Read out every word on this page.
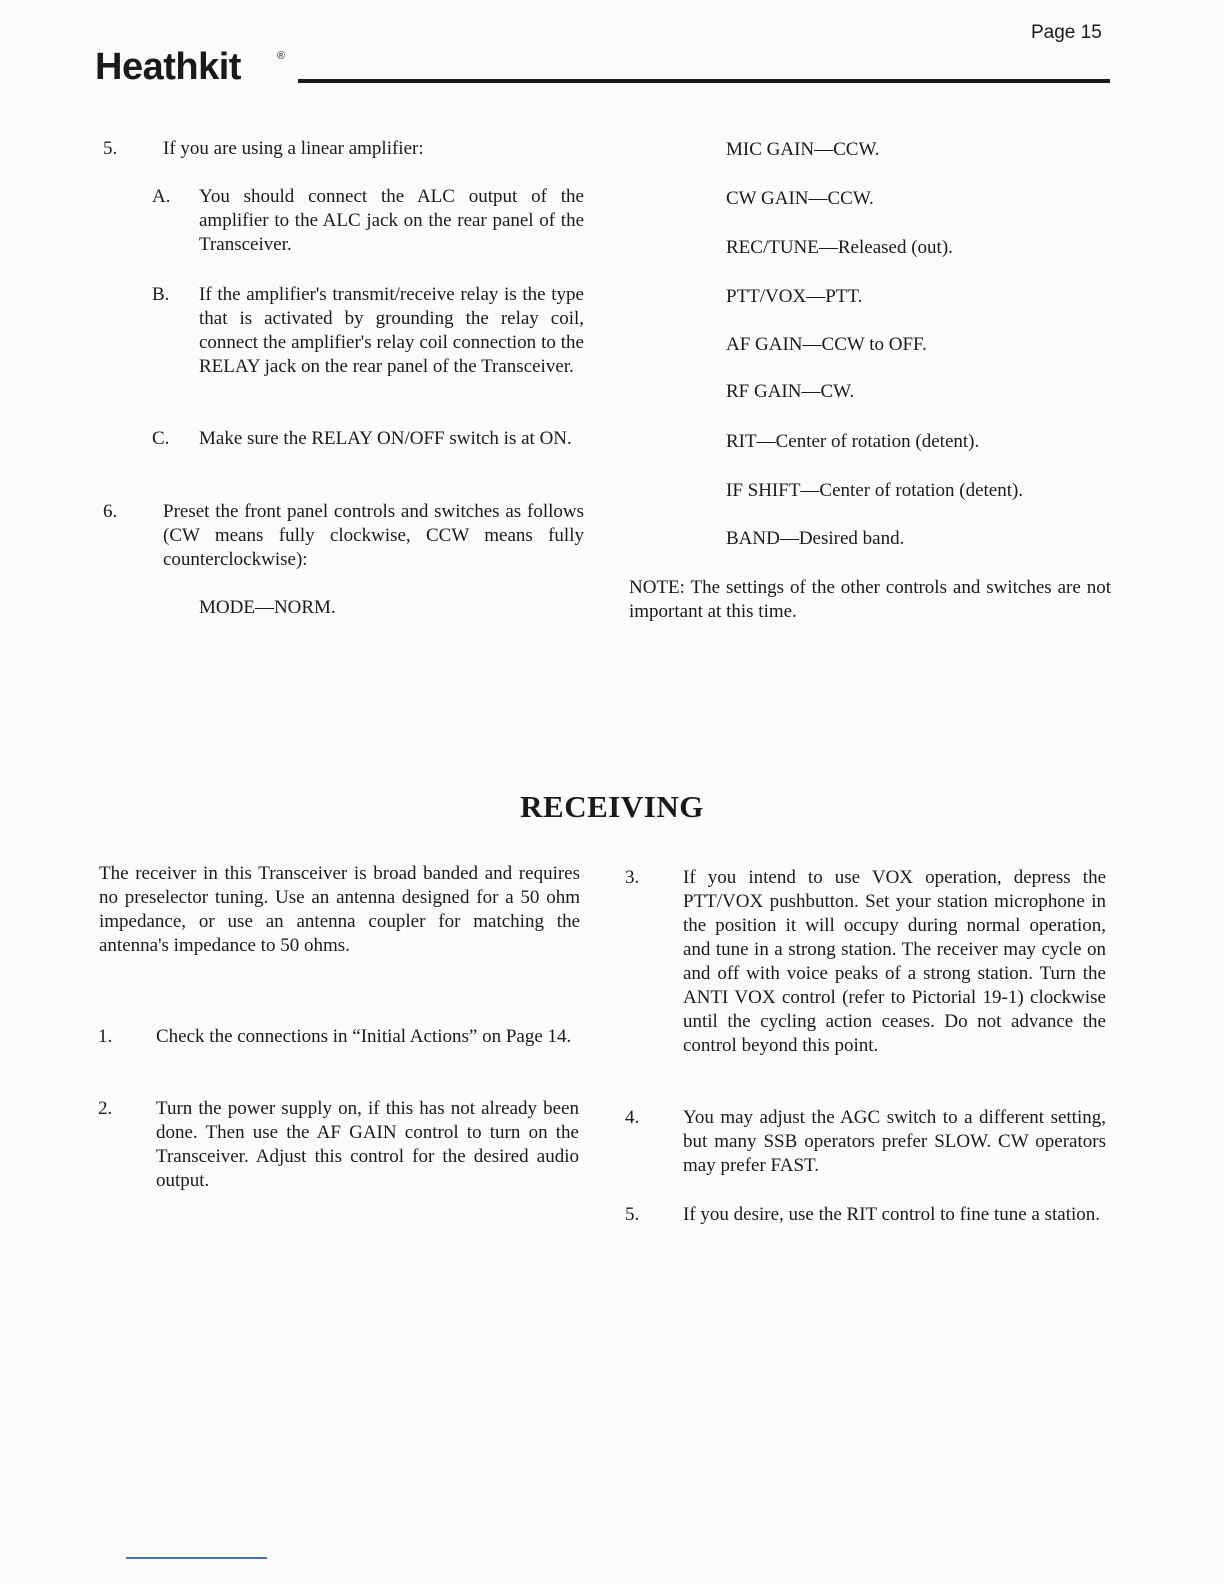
Page 15
Heathkit	®
5. If you are using a linear amplifier:
A. You should connect the ALC output of the amplifier to the ALC jack on the rear panel of the Transceiver.
B. If the amplifier's transmit/receive relay is the type that is activated by grounding the relay coil, connect the amplifier's relay coil connection to the RELAY jack on the rear panel of the Transceiver.
C. Make sure the RELAY ON/OFF switch is at ON.
6. Preset the front panel controls and switches as follows (CW means fully clockwise, CCW means fully counterclockwise):
MODE—NORM.
MIC GAIN—CCW.
CW GAIN—CCW.
REC/TUNE—Released (out).
PTT/VOX—PTT.
AF GAIN—CCW to OFF.
RF GAIN—CW.
RIT—Center of rotation (detent).
IF SHIFT—Center of rotation (detent).
BAND—Desired band.
NOTE: The settings of the other controls and switches are not important at this time.
RECEIVING
The receiver in this Transceiver is broad banded and requires no preselector tuning. Use an antenna designed for a 50 ohm impedance, or use an antenna coupler for matching the antenna's impedance to 50 ohms.
1. Check the connections in “Initial Actions” on Page 14.
2. Turn the power supply on, if this has not already been done. Then use the AF GAIN control to turn on the Transceiver. Adjust this control for the desired audio output.
3. If you intend to use VOX operation, depress the PTT/VOX pushbutton. Set your station microphone in the position it will occupy during normal operation, and tune in a strong station. The receiver may cycle on and off with voice peaks of a strong station. Turn the ANTI VOX control (refer to Pictorial 19-1) clockwise until the cycling action ceases. Do not advance the control beyond this point.
4. You may adjust the AGC switch to a different setting, but many SSB operators prefer SLOW. CW operators may prefer FAST.
5. If you desire, use the RIT control to fine tune a station.
